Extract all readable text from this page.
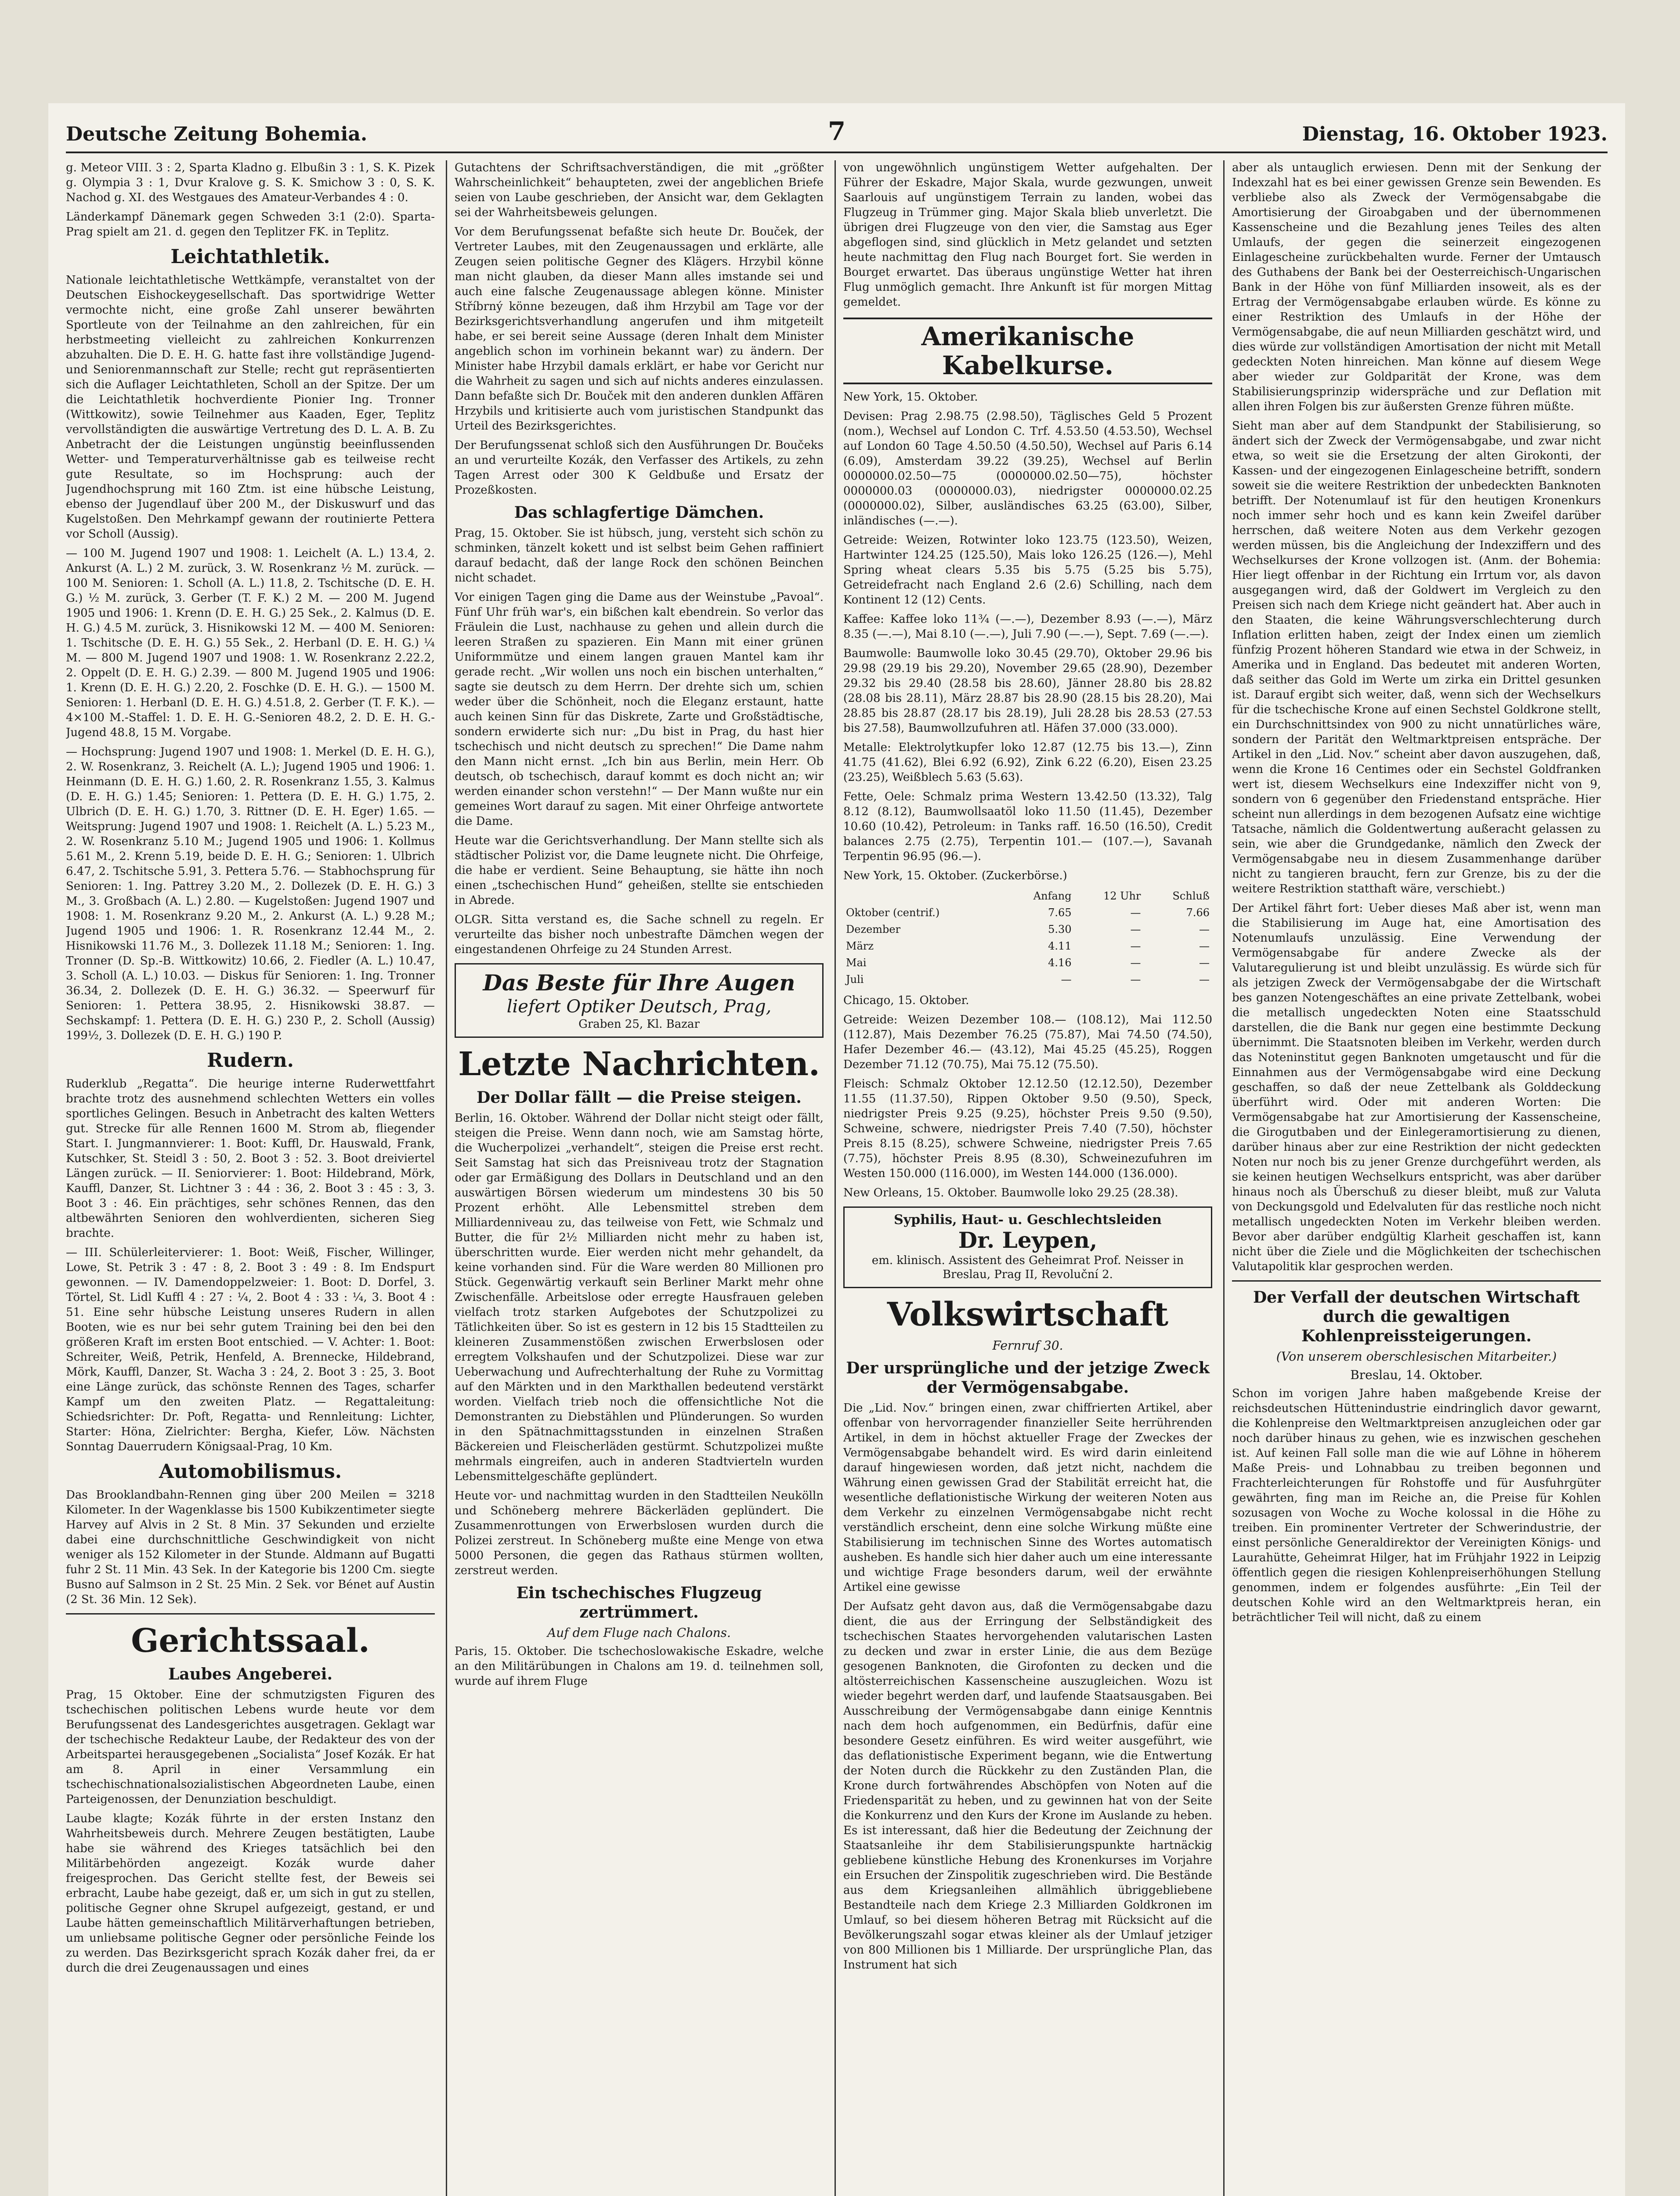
7
Deutsche Zeitung Bohemia.	Dienstag, 16. Oktober 1923.

g. Meteor VIII. 3 : 2, Sparta Kladno g. Elbußin 3 : 1, S. K. Pizek g. Olympia 3 : 1, Dvur Kralove g. S. K. Smichow 3 : 0, S. K. Nachod g. XI. des Westgaues des Amateur-Verbandes 4 : 0.

Länderkampf Dänemark gegen Schweden 3:1 (2:0). Sparta-Prag spielt am 21. d. gegen den Teplitzer FK. in Teplitz.

Leichtathletik.

Nationale leichtathletische Wettkämpfe, veranstaltet von der Deutschen Eishockeygesellschaft. Das sportwidrige Wetter vermochte nicht, eine große Zahl unserer bewährten Sportleute von der Teilnahme an den zahlreichen, für ein herbstmeeting vielleicht zu zahlreichen Konkurrenzen abzuhalten. Die D. E. H. G. hatte fast ihre vollständige Jugend- und Seniorenmannschaft zur Stelle; recht gut repräsentierten sich die Auflager Leichtathleten, Scholl an der Spitze. Der um die Leichtathletik hochverdiente Pionier Ing. Tronner (Wittkowitz), sowie Teilnehmer aus Kaaden, Eger, Teplitz vervollständigten die auswärtige Vertretung des D. L. A. B. Zu Anbetracht der die Leistungen ungünstig beeinflussenden Wetter- und Temperaturverhältnisse gab es teilweise recht gute Resultate, so im Hochsprung: auch der Jugendhochsprung mit 160 Ztm. ist eine hübsche Leistung, ebenso der Jugendlauf über 200 M., der Diskuswurf und das Kugelstoßen. Den Mehrkampf gewann der routinierte Pettera vor Scholl (Aussig).

— 100 M. Jugend 1907 und 1908: 1. Leichelt (A. L.) 13.4, 2. Ankurst (A. L.) 2 M. zurück, 3. W. Rosenkranz ½ M. zurück. — 100 M. Senioren: 1. Scholl (A. L.) 11.8, 2. Tschitsche (D. E. H. G.) ½ M. zurück, 3. Gerber (T. F. K.) 2 M. — 200 M. Jugend 1905 und 1906: 1. Krenn (D. E. H. G.) 25 Sek., 2. Kalmus (D. E. H. G.) 4.5 M. zurück, 3. Hisnikowski 12 M. — 400 M. Senioren: 1. Tschitsche (D. E. H. G.) 55 Sek., 2. Herbanl (D. E. H. G.) ¼ M. — 800 M. Jugend 1907 und 1908: 1. W. Rosenkranz 2.22.2, 2. Oppelt (D. E. H. G.) 2.39. — 800 M. Jugend 1905 und 1906: 1. Krenn (D. E. H. G.) 2.20, 2. Foschke (D. E. H. G.). — 1500 M. Senioren: 1. Herbanl (D. E. H. G.) 4.51.8, 2. Gerber (T. F. K.). — 4×100 M.-Staffel: 1. D. E. H. G.-Senioren 48.2, 2. D. E. H. G.-Jugend 48.8, 15 M. Vorgabe.

— Hochsprung: Jugend 1907 und 1908: 1. Merkel (D. E. H. G.), 2. W. Rosenkranz, 3. Reichelt (A. L.); Jugend 1905 und 1906: 1. Heinmann (D. E. H. G.) 1.60, 2. R. Rosenkranz 1.55, 3. Kalmus (D. E. H. G.) 1.45; Senioren: 1. Pettera (D. E. H. G.) 1.75, 2. Ulbrich (D. E. H. G.) 1.70, 3. Rittner (D. E. H. Eger) 1.65. — Weitsprung: Jugend 1907 und 1908: 1. Reichelt (A. L.) 5.23 M., 2. W. Rosenkranz 5.10 M.; Jugend 1905 und 1906: 1. Kollmus 5.61 M., 2. Krenn 5.19, beide D. E. H. G.; Senioren: 1. Ulbrich 6.47, 2. Tschitsche 5.91, 3. Pettera 5.76. — Stabhochsprung für Senioren: 1. Ing. Pattrey 3.20 M., 2. Dollezek (D. E. H. G.) 3 M., 3. Großbach (A. L.) 2.80. — Kugelstoßen: Jugend 1907 und 1908: 1. M. Rosenkranz 9.20 M., 2. Ankurst (A. L.) 9.28 M.; Jugend 1905 und 1906: 1. R. Rosenkranz 12.44 M., 2. Hisnikowski 11.76 M., 3. Dollezek 11.18 M.; Senioren: 1. Ing. Tronner (D. Sp.-B. Wittkowitz) 10.66, 2. Fiedler (A. L.) 10.47, 3. Scholl (A. L.) 10.03. — Diskus für Senioren: 1. Ing. Tronner 36.34, 2. Dollezek (D. E. H. G.) 36.32. — Speerwurf für Senioren: 1. Pettera 38.95, 2. Hisnikowski 38.87. — Sechskampf: 1. Pettera (D. E. H. G.) 230 P., 2. Scholl (Aussig) 199½, 3. Dollezek (D. E. H. G.) 190 P.

Rudern.

Ruderklub „Regatta“. Die heurige interne Ruderwettfahrt brachte trotz des ausnehmend schlechten Wetters ein volles sportliches Gelingen. Besuch in Anbetracht des kalten Wetters gut. Strecke für alle Rennen 1600 M. Strom ab, fliegender Start. I. Jungmannvierer: 1. Boot: Kuffl, Dr. Hauswald, Frank, Kutschker, St. Steidl 3 : 50, 2. Boot 3 : 52. 3. Boot dreiviertel Längen zurück. — II. Seniorvierer: 1. Boot: Hildebrand, Mörk, Kauffl, Danzer, St. Lichtner 3 : 44 : 36, 2. Boot 3 : 45 : 3, 3. Boot 3 : 46. Ein prächtiges, sehr schönes Rennen, das den altbewährten Senioren den wohlverdienten, sicheren Sieg brachte.

— III. Schülerleitervierer: 1. Boot: Weiß, Fischer, Willinger, Lowe, St. Petrik 3 : 47 : 8, 2. Boot 3 : 49 : 8. Im Endspurt gewonnen. — IV. Damendoppelzweier: 1. Boot: D. Dorfel, 3. Törtel, St. Lidl Kuffl 4 : 27 : ¼, 2. Boot 4 : 33 : ¼, 3. Boot 4 : 51. Eine sehr hübsche Leistung unseres Rudern in allen Booten, wie es nur bei sehr gutem Training bei den bei den größeren Kraft im ersten Boot entschied. — V. Achter: 1. Boot: Schreiter, Weiß, Petrik, Henfeld, A. Brennecke, Hildebrand, Mörk, Kauffl, Danzer, St. Wacha 3 : 24, 2. Boot 3 : 25, 3. Boot eine Länge zurück, das schönste Rennen des Tages, scharfer Kampf um den zweiten Platz. — Regattaleitung: Schiedsrichter: Dr. Poft, Regatta- und Rennleitung: Lichter, Starter: Höna, Zielrichter: Bergha, Kiefer, Löw. Nächsten Sonntag Dauerrudern Königsaal-Prag, 10 Km.

Automobilismus.

Das Brooklandbahn-Rennen ging über 200 Meilen = 3218 Kilometer. In der Wagenklasse bis 1500 Kubikzentimeter siegte Harvey auf Alvis in 2 St. 8 Min. 37 Sekunden und erzielte dabei eine durchschnittliche Geschwindigkeit von nicht weniger als 152 Kilometer in der Stunde. Aldmann auf Bugatti fuhr 2 St. 11 Min. 43 Sek. In der Kategorie bis 1200 Cm. siegte Busno auf Salmson in 2 St. 25 Min. 2 Sek. vor Bénet auf Austin (2 St. 36 Min. 12 Sek).

Gerichtssaal.
Laubes Angeberei.

Prag, 15 Oktober. Eine der schmutzigsten Figuren des tschechischen politischen Lebens wurde heute vor dem Berufungssenat des Landesgerichtes ausgetragen. Geklagt war der tschechische Redakteur Laube, der Redakteur des von der Arbeitspartei herausgegebenen „Socialista“ Josef Kozák. Er hat am 8. April in einer Versammlung ein tschechischnationalsozialistischen Abgeordneten Laube, einen Parteigenossen, der Denunziation beschuldigt.

Laube klagte; Kozák führte in der ersten Instanz den Wahrheitsbeweis durch. Mehrere Zeugen bestätigten, Laube habe sie während des Krieges tatsächlich bei den Militärbehörden angezeigt. Kozák wurde daher freigesprochen. Das Gericht stellte fest, der Beweis sei erbracht, Laube habe gezeigt, daß er, um sich in gut zu stellen, politische Gegner ohne Skrupel aufgezeigt, gestand, er und Laube hätten gemeinschaftlich Militärverhaftungen betrieben, um unliebsame politische Gegner oder persönliche Feinde los zu werden. Das Bezirksgericht sprach Kozák daher frei, da er durch die drei Zeugenaussagen und eines

Gutachtens der Schriftsachverständigen, die mit „größter Wahrscheinlichkeit“ behaupteten, zwei der angeblichen Briefe seien von Laube geschrieben, der Ansicht war, dem Geklagten sei der Wahrheitsbeweis gelungen.

Vor dem Berufungssenat befaßte sich heute Dr. Bouček, der Vertreter Laubes, mit den Zeugenaussagen und erklärte, alle Zeugen seien politische Gegner des Klägers. Hrzybil könne man nicht glauben, da dieser Mann alles imstande sei und auch eine falsche Zeugenaussage ablegen könne. Minister Stříbrný könne bezeugen, daß ihm Hrzybil am Tage vor der Bezirksgerichtsverhandlung angerufen und ihm mitgeteilt habe, er sei bereit seine Aussage (deren Inhalt dem Minister angeblich schon im vorhinein bekannt war) zu ändern. Der Minister habe Hrzybil damals erklärt, er habe vor Gericht nur die Wahrheit zu sagen und sich auf nichts anderes einzulassen. Dann befaßte sich Dr. Bouček mit den anderen dunklen Affären Hrzybils und kritisierte auch vom juristischen Standpunkt das Urteil des Bezirksgerichtes.

Der Berufungssenat schloß sich den Ausführungen Dr. Boučeks an und verurteilte Kozák, den Verfasser des Artikels, zu zehn Tagen Arrest oder 300 K Geldbuße und Ersatz der Prozeßkosten.

Das schlagfertige Dämchen.

Prag, 15. Oktober. Sie ist hübsch, jung, versteht sich schön zu schminken, tänzelt kokett und ist selbst beim Gehen raffiniert darauf bedacht, daß der lange Rock den schönen Beinchen nicht schadet.

Vor einigen Tagen ging die Dame aus der Weinstube „Pavoal“. Fünf Uhr früh war's, ein bißchen kalt ebendrein. So verlor das Fräulein die Lust, nachhause zu gehen und allein durch die leeren Straßen zu spazieren. Ein Mann mit einer grünen Uniformmütze und einem langen grauen Mantel kam ihr gerade recht. „Wir wollen uns noch ein bischen unterhalten,“ sagte sie deutsch zu dem Herrn. Der drehte sich um, schien weder über die Schönheit, noch die Eleganz erstaunt, hatte auch keinen Sinn für das Diskrete, Zarte und Großstädtische, sondern erwiderte sich nur: „Du bist in Prag, du hast hier tschechisch und nicht deutsch zu sprechen!“ Die Dame nahm den Mann nicht ernst. „Ich bin aus Berlin, mein Herr. Ob deutsch, ob tschechisch, darauf kommt es doch nicht an; wir werden einander schon verstehn!“ — Der Mann wußte nur ein gemeines Wort darauf zu sagen. Mit einer Ohrfeige antwortete die Dame.

Heute war die Gerichtsverhandlung. Der Mann stellte sich als städtischer Polizist vor, die Dame leugnete nicht. Die Ohrfeige, die habe er verdient. Seine Behauptung, sie hätte ihn noch einen „tschechischen Hund“ geheißen, stellte sie entschieden in Abrede.

OLGR. Sitta verstand es, die Sache schnell zu regeln. Er verurteilte das bisher noch unbestrafte Dämchen wegen der eingestandenen Ohrfeige zu 24 Stunden Arrest.

Das Beste für Ihre Augen
liefert Optiker Deutsch, Prag,
Graben 25, Kl. Bazar
Letzte Nachrichten.
Der Dollar fällt — die Preise steigen.

Berlin, 16. Oktober. Während der Dollar nicht steigt oder fällt, steigen die Preise. Wenn dann noch, wie am Samstag hörte, die Wucherpolizei „verhandelt“, steigen die Preise erst recht. Seit Samstag hat sich das Preisniveau trotz der Stagnation oder gar Ermäßigung des Dollars in Deutschland und an den auswärtigen Börsen wiederum um mindestens 30 bis 50 Prozent erhöht. Alle Lebensmittel streben dem Milliardenniveau zu, das teilweise von Fett, wie Schmalz und Butter, die für 2½ Milliarden nicht mehr zu haben ist, überschritten wurde. Eier werden nicht mehr gehandelt, da keine vorhanden sind. Für die Ware werden 80 Millionen pro Stück. Gegenwärtig verkauft sein Berliner Markt mehr ohne Zwischenfälle. Arbeitslose oder erregte Hausfrauen geleben vielfach trotz starken Aufgebotes der Schutzpolizei zu Tätlichkeiten über. So ist es gestern in 12 bis 15 Stadtteilen zu kleineren Zusammenstößen zwischen Erwerbslosen oder erregtem Volkshaufen und der Schutzpolizei. Diese war zur Ueberwachung und Aufrechterhaltung der Ruhe zu Vormittag auf den Märkten und in den Markthallen bedeutend verstärkt worden. Vielfach trieb noch die offensichtliche Not die Demonstranten zu Diebstählen und Plünderungen. So wurden in den Spätnachmittagsstunden in einzelnen Straßen Bäckereien und Fleischerläden gestürmt. Schutzpolizei mußte mehrmals eingreifen, auch in anderen Stadtvierteln wurden Lebensmittelgeschäfte geplündert.

Heute vor- und nachmittag wurden in den Stadtteilen Neukölln und Schöneberg mehrere Bäckerläden geplündert. Die Zusammenrottungen von Erwerbslosen wurden durch die Polizei zerstreut. In Schöneberg mußte eine Menge von etwa 5000 Personen, die gegen das Rathaus stürmen wollten, zerstreut werden.

Ein tschechisches Flugzeug zertrümmert.
Auf dem Fluge nach Chalons.

Paris, 15. Oktober. Die tschechoslowakische Eskadre, welche an den Militärübungen in Chalons am 19. d. teilnehmen soll, wurde auf ihrem Fluge

von ungewöhnlich ungünstigem Wetter aufgehalten. Der Führer der Eskadre, Major Skala, wurde gezwungen, unweit Saarlouis auf ungünstigem Terrain zu landen, wobei das Flugzeug in Trümmer ging. Major Skala blieb unverletzt. Die übrigen drei Flugzeuge von den vier, die Samstag aus Eger abgeflogen sind, sind glücklich in Metz gelandet und setzten heute nachmittag den Flug nach Bourget fort. Sie werden in Bourget erwartet. Das überaus ungünstige Wetter hat ihren Flug unmöglich gemacht. Ihre Ankunft ist für morgen Mittag gemeldet.

Amerikanische Kabelkurse.

New York, 15. Oktober.

Devisen: Prag 2.98.75 (2.98.50), Täglisches Geld 5 Prozent (nom.), Wechsel auf London C. Trf. 4.53.50 (4.53.50), Wechsel auf London 60 Tage 4.50.50 (4.50.50), Wechsel auf Paris 6.14 (6.09), Amsterdam 39.22 (39.25), Wechsel auf Berlin 0000000.02.50—75 (0000000.02.50—75), höchster 0000000.03 (0000000.03), niedrigster 0000000.02.25 (0000000.02), Silber, ausländisches 63.25 (63.00), Silber, inländisches (—.—).

Getreide: Weizen, Rotwinter loko 123.75 (123.50), Weizen, Hartwinter 124.25 (125.50), Mais loko 126.25 (126.—), Mehl Spring wheat clears 5.35 bis 5.75 (5.25 bis 5.75), Getreidefracht nach England 2.6 (2.6) Schilling, nach dem Kontinent 12 (12) Cents.

Kaffee: Kaffee loko 11¾ (—.—), Dezember 8.93 (—.—), März 8.35 (—.—), Mai 8.10 (—.—), Juli 7.90 (—.—), Sept. 7.69 (—.—).

Baumwolle: Baumwolle loko 30.45 (29.70), Oktober 29.96 bis 29.98 (29.19 bis 29.20), November 29.65 (28.90), Dezember 29.32 bis 29.40 (28.58 bis 28.60), Jänner 28.80 bis 28.82 (28.08 bis 28.11), März 28.87 bis 28.90 (28.15 bis 28.20), Mai 28.85 bis 28.87 (28.17 bis 28.19), Juli 28.28 bis 28.53 (27.53 bis 27.58), Baumwollzufuhren atl. Häfen 37.000 (33.000).

Metalle: Elektrolytkupfer loko 12.87 (12.75 bis 13.—), Zinn 41.75 (41.62), Blei 6.92 (6.92), Zink 6.22 (6.20), Eisen 23.25 (23.25), Weißblech 5.63 (5.63).

Fette, Oele: Schmalz prima Western 13.42.50 (13.32), Talg 8.12 (8.12), Baumwollsaatöl loko 11.50 (11.45), Dezember 10.60 (10.42), Petroleum: in Tanks raff. 16.50 (16.50), Credit balances 2.75 (2.75), Terpentin 101.— (107.—), Savanah Terpentin 96.95 (96.—).

New York, 15. Oktober. (Zuckerbörse.)

	Anfang	12 Uhr	Schluß
Oktober (centrif.)	7.65	—	7.66
Dezember	5.30	—	—
März	4.11	—	—
Mai	4.16	—	—
Juli	—	—	—

Chicago, 15. Oktober.

Getreide: Weizen Dezember 108.— (108.12), Mai 112.50 (112.87), Mais Dezember 76.25 (75.87), Mai 74.50 (74.50), Hafer Dezember 46.— (43.12), Mai 45.25 (45.25), Roggen Dezember 71.12 (70.75), Mai 75.12 (75.50).

Fleisch: Schmalz Oktober 12.12.50 (12.12.50), Dezember 11.55 (11.37.50), Rippen Oktober 9.50 (9.50), Speck, niedrigster Preis 9.25 (9.25), höchster Preis 9.50 (9.50), Schweine, schwere, niedrigster Preis 7.40 (7.50), höchster Preis 8.15 (8.25), schwere Schweine, niedrigster Preis 7.65 (7.75), höchster Preis 8.95 (8.30), Schweinezufuhren im Westen 150.000 (116.000), im Westen 144.000 (136.000).

New Orleans, 15. Oktober. Baumwolle loko 29.25 (28.38).

Syphilis, Haut- u. Geschlechtsleiden
Dr. Leypen,
em. klinisch. Assistent des Geheimrat Prof. Neisser in Breslau, Prag II, Revoluční 2.
Volkswirtschaft
Fernruf 30.
Der ursprüngliche und der jetzige Zweck der Vermögensabgabe.

Die „Lid. Nov.“ bringen einen, zwar chiffrierten Artikel, aber offenbar von hervorragender finanzieller Seite herrührenden Artikel, in dem in höchst aktueller Frage der Zweckes der Vermögensabgabe behandelt wird. Es wird darin einleitend darauf hingewiesen worden, daß jetzt nicht, nachdem die Währung einen gewissen Grad der Stabilität erreicht hat, die wesentliche deflationistische Wirkung der weiteren Noten aus dem Verkehr zu einzelnen Vermögensabgabe nicht recht verständlich erscheint, denn eine solche Wirkung müßte eine Stabilisierung im technischen Sinne des Wortes automatisch ausheben. Es handle sich hier daher auch um eine interessante und wichtige Frage besonders darum, weil der erwähnte Artikel eine gewisse

Der Aufsatz geht davon aus, daß die Vermögensabgabe dazu dient, die aus der Erringung der Selbständigkeit des tschechischen Staates hervorgehenden valutarischen Lasten zu decken und zwar in erster Linie, die aus dem Bezüge gesogenen Banknoten, die Girofonten zu decken und die altösterreichischen Kassenscheine auszugleichen. Wozu ist wieder begehrt werden darf, und laufende Staatsausgaben. Bei Ausschreibung der Vermögensabgabe dann einige Kenntnis nach dem hoch aufgenommen, ein Bedürfnis, dafür eine besondere Gesetz einführen. Es wird weiter ausgeführt, wie das deflationistische Experiment begann, wie die Entwertung der Noten durch die Rückkehr zu den Zuständen Plan, die Krone durch fortwährendes Abschöpfen von Noten auf die Friedensparität zu heben, und zu gewinnen hat von der Seite die Konkurrenz und den Kurs der Krone im Auslande zu heben. Es ist interessant, daß hier die Bedeutung der Zeichnung der Staatsanleihe ihr dem Stabilisierungspunkte hartnäckig gebliebene künstliche Hebung des Kronenkurses im Vorjahre ein Ersuchen der Zinspolitik zugeschrieben wird. Die Bestände aus dem Kriegsanleihen allmählich übriggebliebene Bestandteile nach dem Kriege 2.3 Milliarden Goldkronen im Umlauf, so bei diesem höheren Betrag mit Rücksicht auf die Bevölkerungszahl sogar etwas kleiner als der Umlauf jetziger von 800 Millionen bis 1 Milliarde. Der ursprüngliche Plan, das Instrument hat sich

aber als untauglich erwiesen. Denn mit der Senkung der Indexzahl hat es bei einer gewissen Grenze sein Bewenden. Es verbliebe also als Zweck der Vermögensabgabe die Amortisierung der Giroabgaben und der übernommenen Kassenscheine und die Bezahlung jenes Teiles des alten Umlaufs, der gegen die seinerzeit eingezogenen Einlagescheine zurückbehalten wurde. Ferner der Umtausch des Guthabens der Bank bei der Oesterreichisch-Ungarischen Bank in der Höhe von fünf Milliarden insoweit, als es der Ertrag der Vermögensabgabe erlauben würde. Es könne zu einer Restriktion des Umlaufs in der Höhe der Vermögensabgabe, die auf neun Milliarden geschätzt wird, und dies würde zur vollständigen Amortisation der nicht mit Metall gedeckten Noten hinreichen. Man könne auf diesem Wege aber wieder zur Goldparität der Krone, was dem Stabilisierungsprinzip widerspräche und zur Deflation mit allen ihren Folgen bis zur äußersten Grenze führen müßte.

Sieht man aber auf dem Standpunkt der Stabilisierung, so ändert sich der Zweck der Vermögensabgabe, und zwar nicht etwa, so weit sie die Ersetzung der alten Girokonti, der Kassen- und der eingezogenen Einlagescheine betrifft, sondern soweit sie die weitere Restriktion der unbedeckten Banknoten betrifft. Der Notenumlauf ist für den heutigen Kronenkurs noch immer sehr hoch und es kann kein Zweifel darüber herrschen, daß weitere Noten aus dem Verkehr gezogen werden müssen, bis die Angleichung der Indexziffern und des Wechselkurses der Krone vollzogen ist. (Anm. der Bohemia: Hier liegt offenbar in der Richtung ein Irrtum vor, als davon ausgegangen wird, daß der Goldwert im Vergleich zu den Preisen sich nach dem Kriege nicht geändert hat. Aber auch in den Staaten, die keine Währungsverschlechterung durch Inflation erlitten haben, zeigt der Index einen um ziemlich fünfzig Prozent höheren Standard wie etwa in der Schweiz, in Amerika und in England. Das bedeutet mit anderen Worten, daß seither das Gold im Werte um zirka ein Drittel gesunken ist. Darauf ergibt sich weiter, daß, wenn sich der Wechselkurs für die tschechische Krone auf einen Sechstel Goldkrone stellt, ein Durchschnittsindex von 900 zu nicht unnatürliches wäre, sondern der Parität den Weltmarktpreisen entspräche. Der Artikel in den „Lid. Nov.“ scheint aber davon auszugehen, daß, wenn die Krone 16 Centimes oder ein Sechstel Goldfranken wert ist, diesem Wechselkurs eine Indexziffer nicht von 9, sondern von 6 gegenüber den Friedenstand entspräche. Hier scheint nun allerdings in dem bezogenen Aufsatz eine wichtige Tatsache, nämlich die Goldentwertung außeracht gelassen zu sein, wie aber die Grundgedanke, nämlich den Zweck der Vermögensabgabe neu in diesem Zusammenhange darüber nicht zu tangieren braucht, fern zur Grenze, bis zu der die weitere Restriktion statthaft wäre, verschiebt.)

Der Artikel fährt fort: Ueber dieses Maß aber ist, wenn man die Stabilisierung im Auge hat, eine Amortisation des Notenumlaufs unzulässig. Eine Verwendung der Vermögensabgabe für andere Zwecke als der Valutaregulierung ist und bleibt unzulässig. Es würde sich für als jetzigen Zweck der Vermögensabgabe der die Wirtschaft bes ganzen Notengeschäftes an eine private Zettelbank, wobei die metallisch ungedeckten Noten eine Staatsschuld darstellen, die die Bank nur gegen eine bestimmte Deckung übernimmt. Die Staatsnoten bleiben im Verkehr, werden durch das Noteninstitut gegen Banknoten umgetauscht und für die Einnahmen aus der Vermögensabgabe wird eine Deckung geschaffen, so daß der neue Zettelbank als Golddeckung überführt wird. Oder mit anderen Worten: Die Vermögensabgabe hat zur Amortisierung der Kassenscheine, die Girogutbaben und der Einlegeramortisierung zu dienen, darüber hinaus aber zur eine Restriktion der nicht gedeckten Noten nur noch bis zu jener Grenze durchgeführt werden, als sie keinen heutigen Wechselkurs entspricht, was aber darüber hinaus noch als Überschuß zu dieser bleibt, muß zur Valuta von Deckungsgold und Edelvaluten für das restliche noch nicht metallisch ungedeckten Noten im Verkehr bleiben werden. Bevor aber darüber endgültig Klarheit geschaffen ist, kann nicht über die Ziele und die Möglichkeiten der tschechischen Valutapolitik klar gesprochen werden.

Der Verfall der deutschen Wirtschaft durch die gewaltigen Kohlenpreissteigerungen.
(Von unserem oberschlesischen Mitarbeiter.)
Breslau, 14. Oktober.

Schon im vorigen Jahre haben maßgebende Kreise der reichsdeutschen Hüttenindustrie eindringlich davor gewarnt, die Kohlenpreise den Weltmarktpreisen anzugleichen oder gar noch darüber hinaus zu gehen, wie es inzwischen geschehen ist. Auf keinen Fall solle man die wie auf Löhne in höherem Maße Preis- und Lohnabbau zu treiben begonnen und Frachterleichterungen für Rohstoffe und für Ausfuhrgüter gewährten, fing man im Reiche an, die Preise für Kohlen sozusagen von Woche zu Woche kolossal in die Höhe zu treiben. Ein prominenter Vertreter der Schwerindustrie, der einst persönliche Generaldirektor der Vereinigten Königs- und Laurahütte, Geheimrat Hilger, hat im Frühjahr 1922 in Leipzig öffentlich gegen die riesigen Kohlenpreiserhöhungen Stellung genommen, indem er folgendes ausführte: „Ein Teil der deutschen Kohle wird an den Weltmarktpreis heran, ein beträchtlicher Teil will nicht, daß zu einem
